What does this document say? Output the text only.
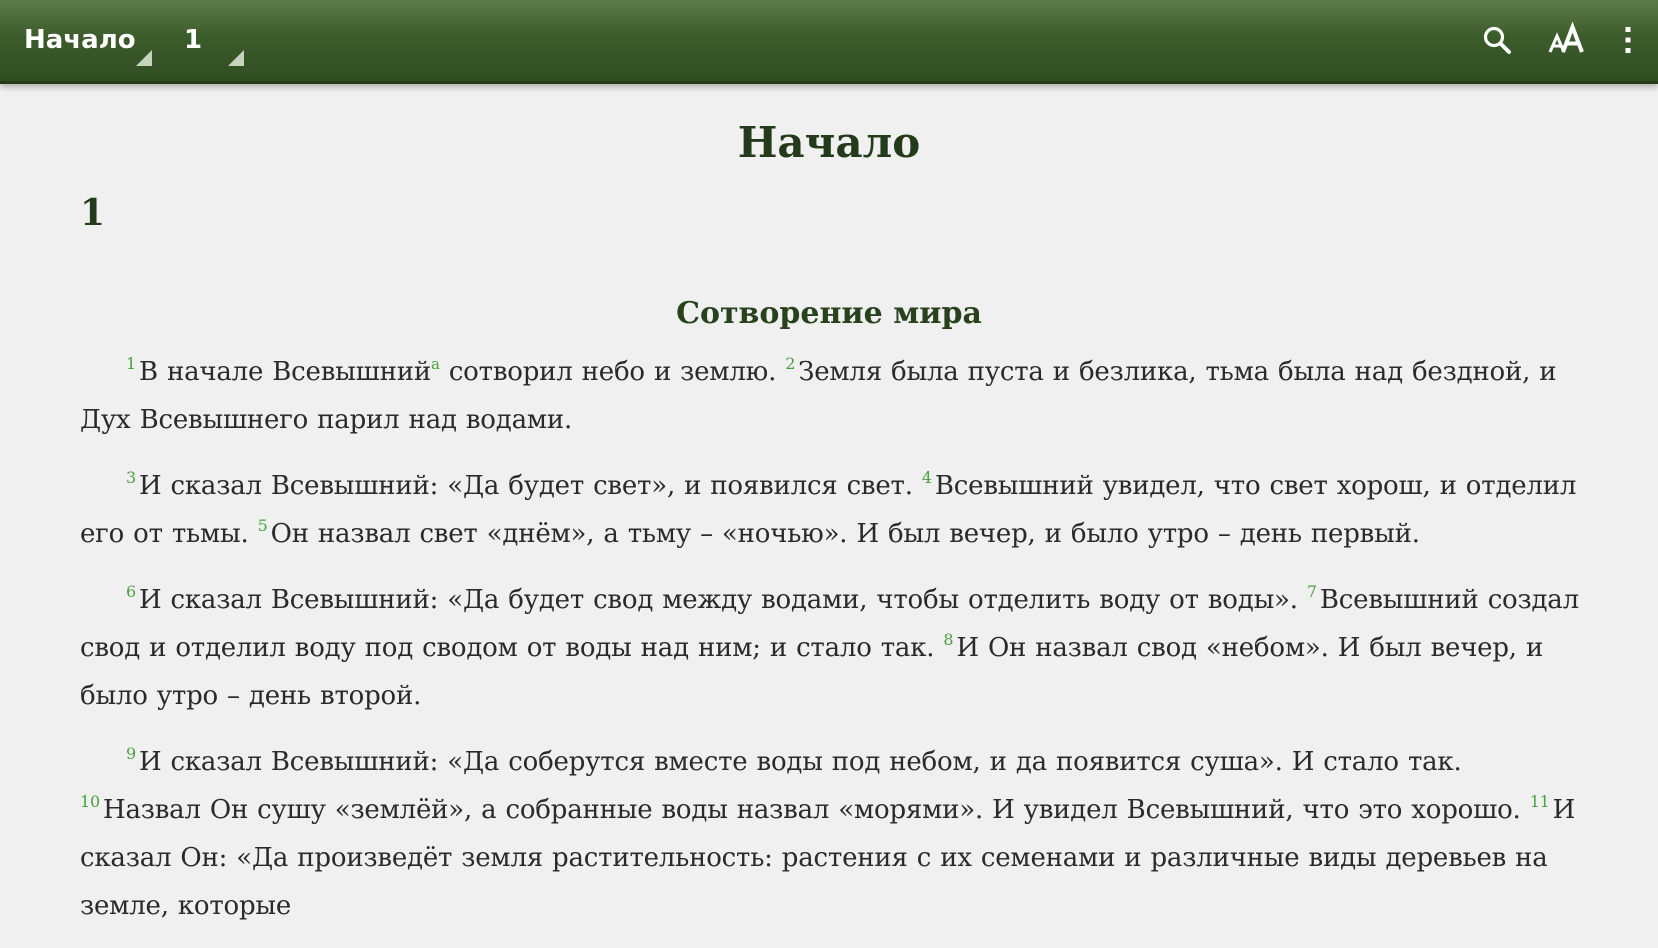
Начало 1
Начало
1
Сотворение мира

$^1$ В начале Всевышний$^a$ сотворил небо и землю. $^2$ Земля была пуста и безлика, тьма была над бездной, и Дух Всевышнего парил над водами.

$^3$ И сказал Всевышний: «Да будет свет», и появился свет. $^4$ Всевышний увидел, что свет хорош, и отделил его от тьмы. $^5$ Он назвал свет «днём», а тьму – «ночью». И был вечер, и было утро – день первый.

$^6$ И сказал Всевышний: «Да будет свод между водами, чтобы отделить воду от воды». $^7$ Всевышний создал свод и отделил воду под сводом от воды над ним; и стало так. $^8$ И Он назвал свод «небом». И был вечер, и было утро – день второй.

$^9$ И сказал Всевышний: «Да соберутся вместе воды под небом, и да появится суша». И стало так. $^{10}$ Назвал Он сушу «землёй», а собранные воды назвал «морями». И увидел Всевышний, что это хорошо. $^{11}$ И сказал Он: «Да произведёт земля растительность: растения с их семенами и различные виды деревьев на земле, которые
